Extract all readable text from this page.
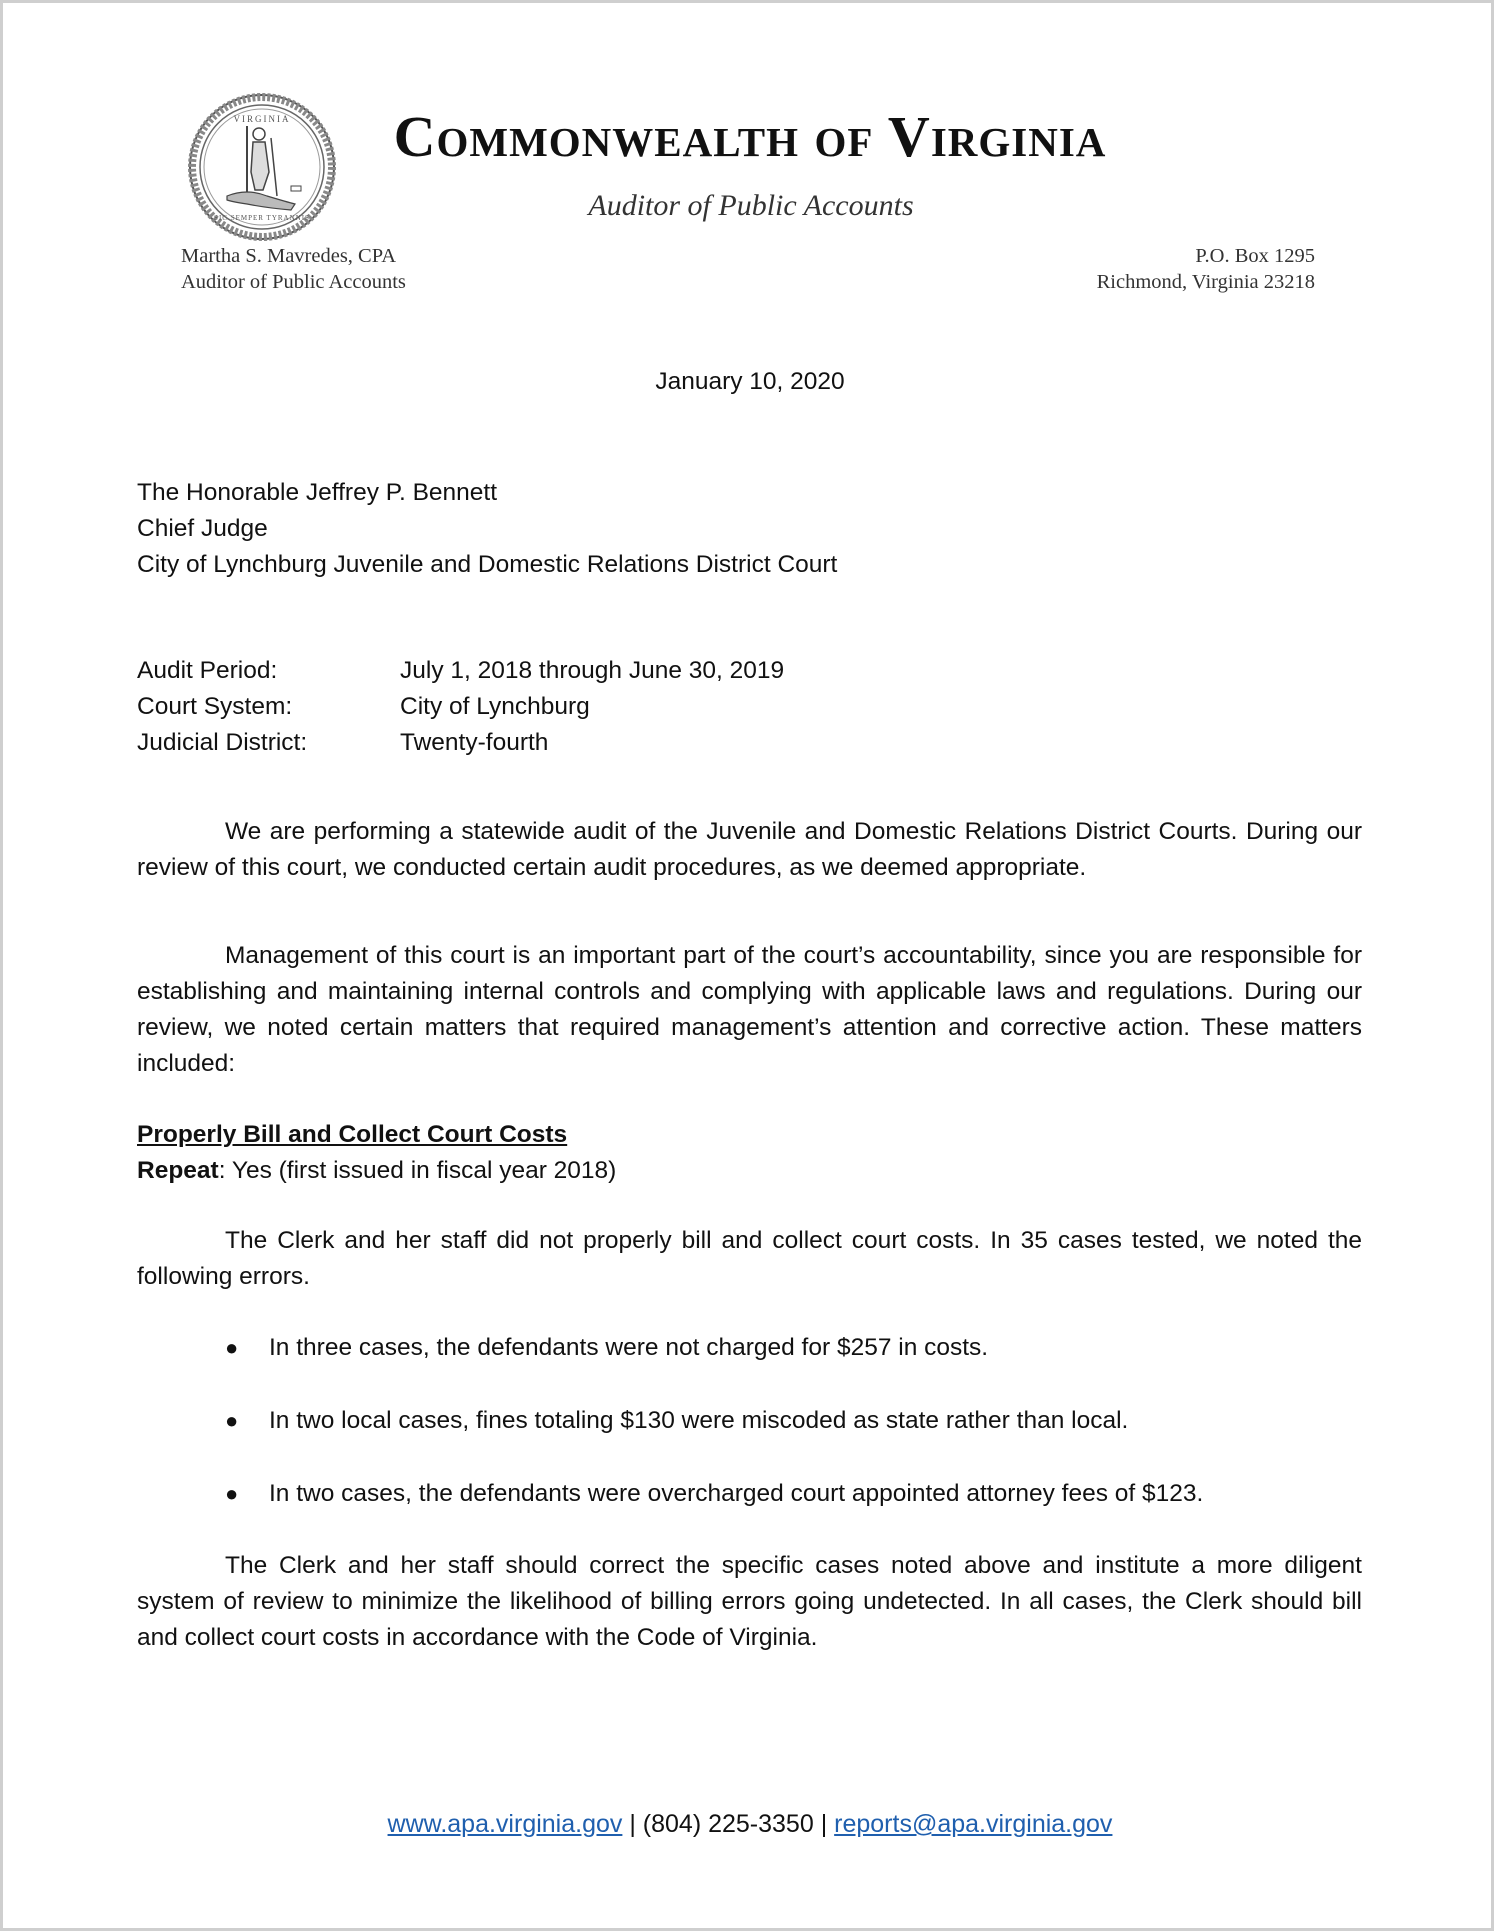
VIRGINIA
SIC SEMPER TYRANNIS
Commonwealth of Virginia
Auditor of Public Accounts
Martha S. Mavredes, CPA
Auditor of Public Accounts
P.O. Box 1295
Richmond, Virginia 23218
January 10, 2020
The Honorable Jeffrey P. Bennett
Chief Judge
City of Lynchburg Juvenile and Domestic Relations District Court
Audit Period:	July 1, 2018 through June 30, 2019
Court System:	City of Lynchburg
Judicial District:	Twenty-fourth

We are performing a statewide audit of the Juvenile and Domestic Relations District Courts. During our review of this court, we conducted certain audit procedures, as we deemed appropriate.

Management of this court is an important part of the court’s accountability, since you are responsible for establishing and maintaining internal controls and complying with applicable laws and regulations. During our review, we noted certain matters that required management’s attention and corrective action. These matters included:

Properly Bill and Collect Court Costs
Repeat: Yes (first issued in fiscal year 2018)

The Clerk and her staff did not properly bill and collect court costs. In 35 cases tested, we noted the following errors.

●	In three cases, the defendants were not charged for $257 in costs.
●	In two local cases, fines totaling $130 were miscoded as state rather than local.
●	In two cases, the defendants were overcharged court appointed attorney fees of $123.

The Clerk and her staff should correct the specific cases noted above and institute a more diligent system of review to minimize the likelihood of billing errors going undetected. In all cases, the Clerk should bill and collect court costs in accordance with the Code of Virginia.

www.apa.virginia.gov | (804) 225-3350 | reports@apa.virginia.gov
